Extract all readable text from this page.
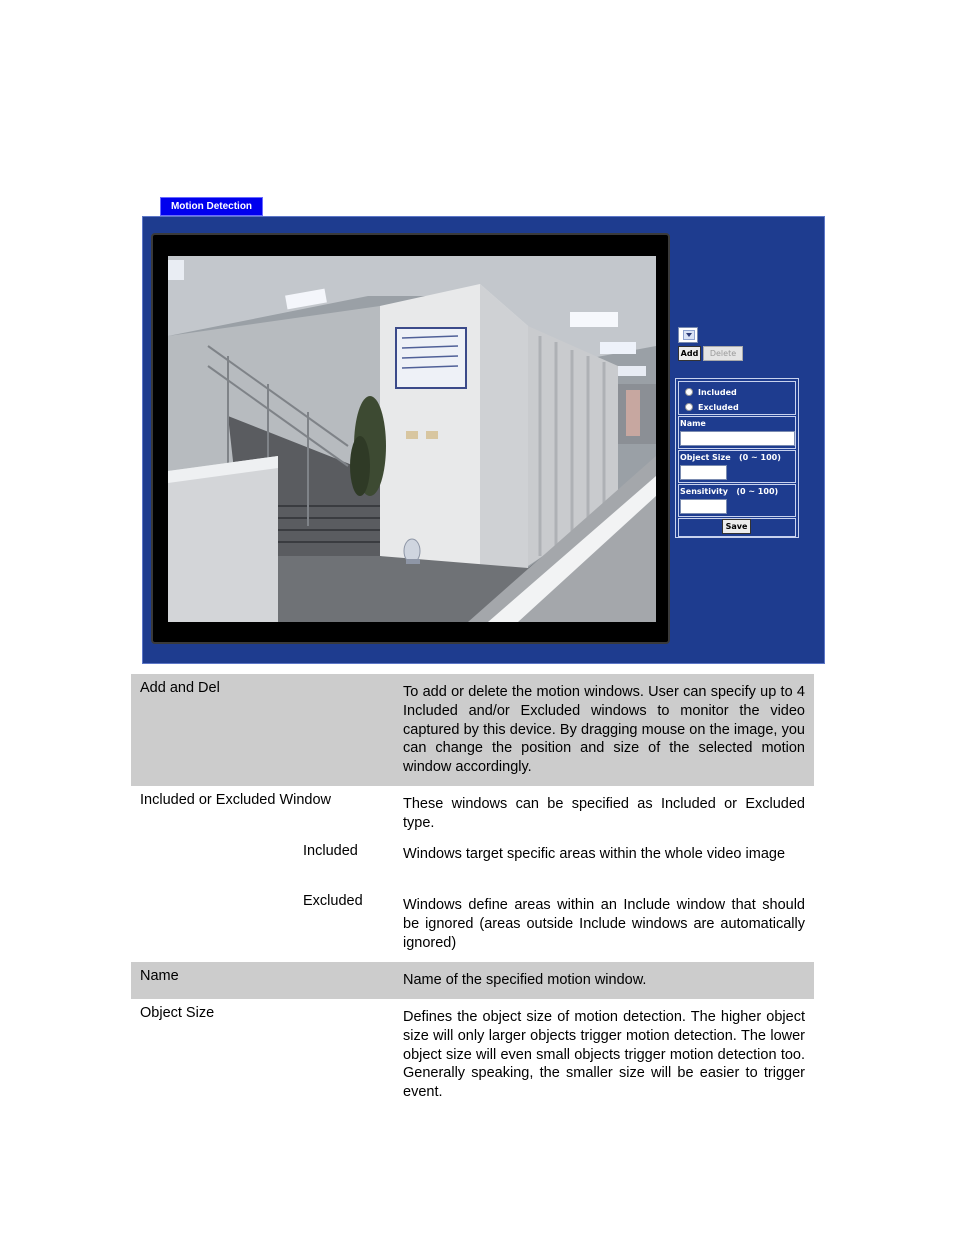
Motion Detection
Add	Delete
Included
Excluded
Name
Object Size (0 ~ 100)
Sensitivity (0 ~ 100)
Save
Add and Del	To add or delete the motion windows. User can specify up to 4 Included and/or Excluded windows to monitor the video captured by this device. By dragging mouse on the image, you can change the position and size of the selected motion window accordingly.
Included or Excluded Window	These windows can be specified as Included or Excluded type.
Included	Windows target specific areas within the whole video image
Excluded	Windows define areas within an Include window that should be ignored (areas outside Include windows are automatically ignored)
Name	Name of the specified motion window.
Object Size	Defines the object size of motion detection. The higher object size will only larger objects trigger motion detection. The lower object size will even small objects trigger motion detection too. Generally speaking, the smaller size will be easier to trigger event.
